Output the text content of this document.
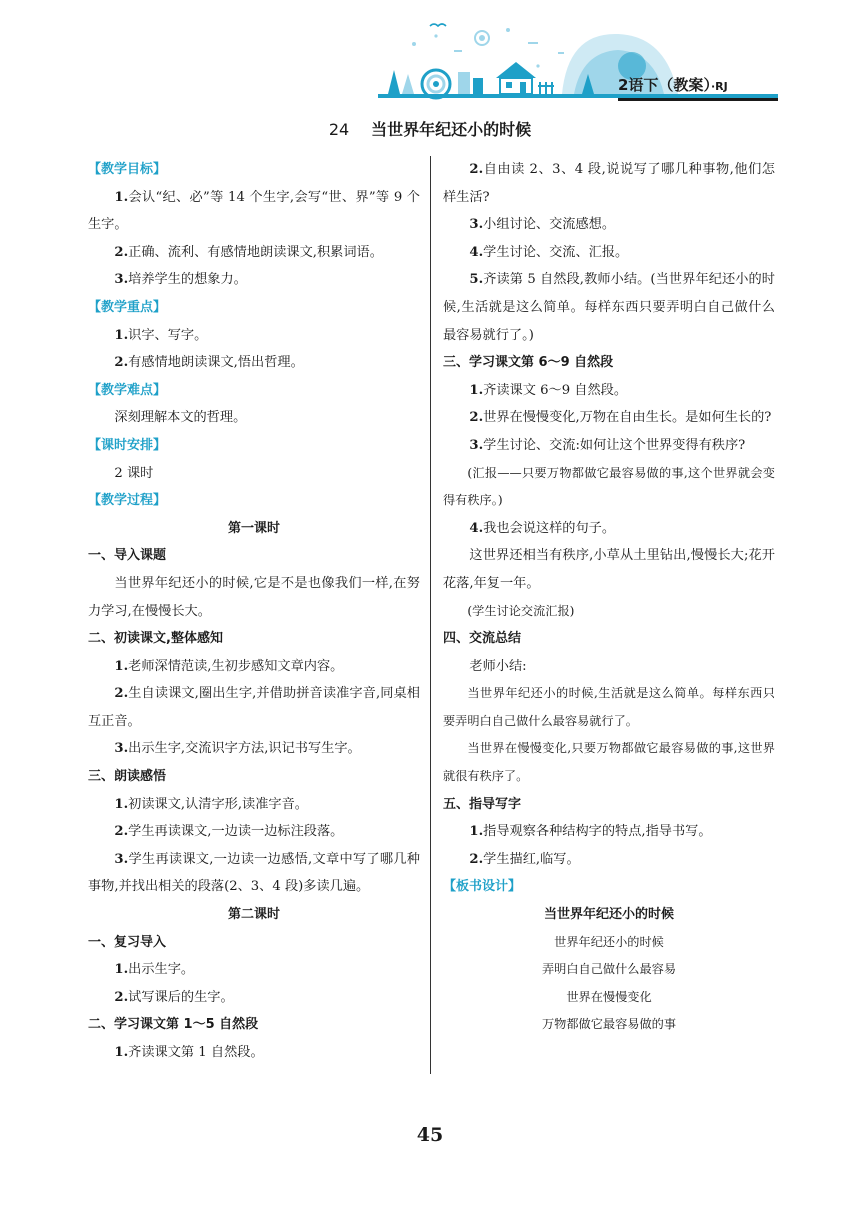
2语下（教案）·RJ
24 当世界年纪还小的时候

【教学目标】

1.会认“纪、必”等 14 个生字,会写“世、界”等 9 个生字。

2.正确、流利、有感情地朗读课文,积累词语。

3.培养学生的想象力。

【教学重点】

1.识字、写字。

2.有感情地朗读课文,悟出哲理。

【教学难点】

深刻理解本文的哲理。

【课时安排】

2 课时

【教学过程】

第一课时

一、导入课题

当世界年纪还小的时候,它是不是也像我们一样,在努力学习,在慢慢长大。

二、初读课文,整体感知

1.老师深情范读,生初步感知文章内容。

2.生自读课文,圈出生字,并借助拼音读准字音,同桌相互正音。

3.出示生字,交流识字方法,识记书写生字。

三、朗读感悟

1.初读课文,认清字形,读准字音。

2.学生再读课文,一边读一边标注段落。

3.学生再读课文,一边读一边感悟,文章中写了哪几种事物,并找出相关的段落(2、3、4 段)多读几遍。

第二课时

一、复习导入

1.出示生字。

2.试写课后的生字。

二、学习课文第 1～5 自然段

1.齐读课文第 1 自然段。

2.自由读 2、3、4 段,说说写了哪几种事物,他们怎样生活?

3.小组讨论、交流感想。

4.学生讨论、交流、汇报。

5.齐读第 5 自然段,教师小结。(当世界年纪还小的时候,生活就是这么简单。每样东西只要弄明白自己做什么最容易就行了。)

三、学习课文第 6～9 自然段

1.齐读课文 6～9 自然段。

2.世界在慢慢变化,万物在自由生长。是如何生长的?

3.学生讨论、交流:如何让这个世界变得有秩序?

(汇报——只要万物都做它最容易做的事,这个世界就会变得有秩序。)

4.我也会说这样的句子。

这世界还相当有秩序,小草从土里钻出,慢慢长大;花开花落,年复一年。

(学生讨论交流汇报)

四、交流总结

老师小结:

当世界年纪还小的时候,生活就是这么简单。每样东西只要弄明白自己做什么最容易就行了。

当世界在慢慢变化,只要万物都做它最容易做的事,这世界就很有秩序了。

五、指导写字

1.指导观察各种结构字的特点,指导书写。

2.学生描红,临写。

【板书设计】

当世界年纪还小的时候

世界年纪还小的时候

弄明白自己做什么最容易

世界在慢慢变化

万物都做它最容易做的事

45
